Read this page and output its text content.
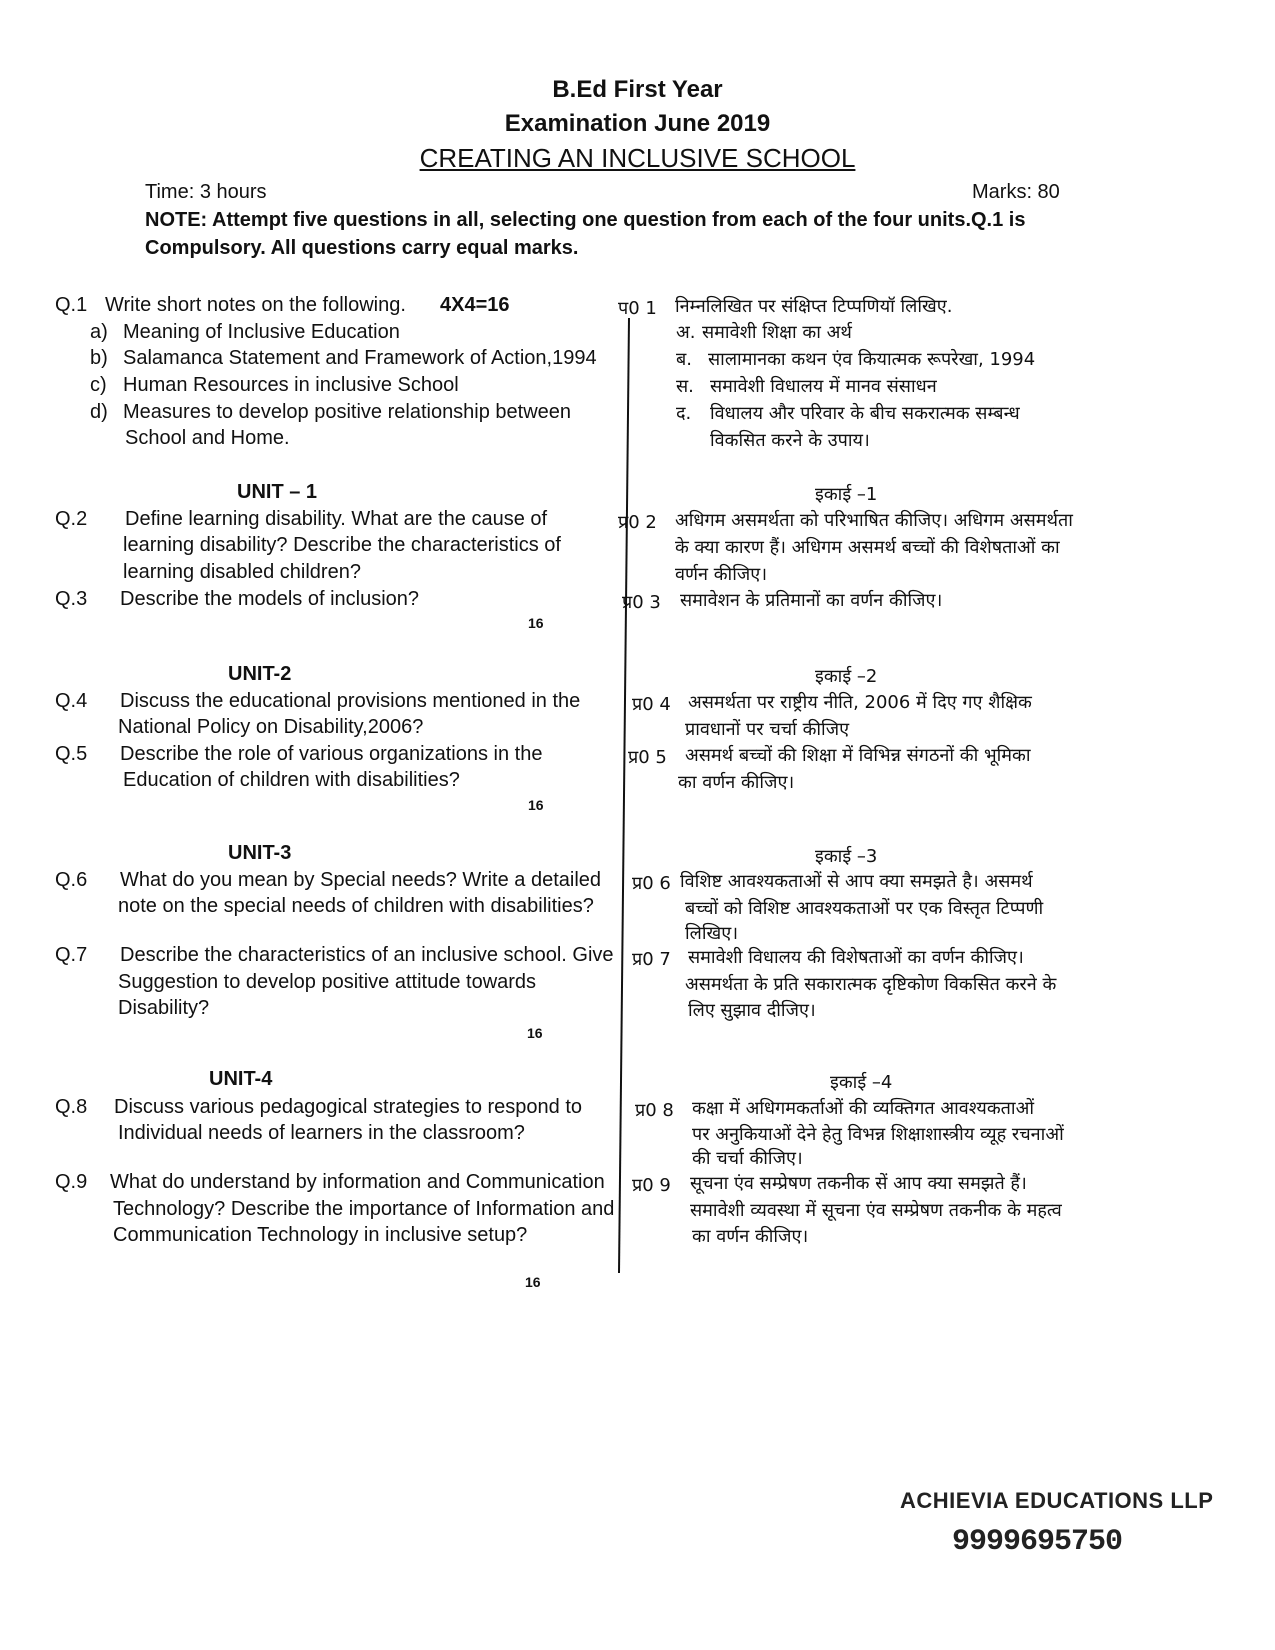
B.Ed First Year
Examination June 2019
CREATING AN INCLUSIVE SCHOOL
Time: 3 hours	Marks: 80
NOTE: Attempt five questions in all, selecting one question from each of the four units.Q.1 is
Compulsory. All questions carry equal marks.
Q.1 Write short notes on the following. 4X4=16
a) Meaning of Inclusive Education
b) Salamanca Statement and Framework of Action,1994
c) Human Resources in inclusive School
d) Measures to develop positive relationship between
School and Home.
प0 1 निम्नलिखित पर संक्षिप्त टिप्पणियॉ लिखिए.
अ. समावेशी शिक्षा का अर्थ
ब. सालामानका कथन एंव कियात्मक रूपरेखा, 1994
स. समावेशी विधालय में मानव संसाधन
द. विधालय और परिवार के बीच सकरात्मक सम्बन्ध
विकसित करने के उपाय।
UNIT – 1
Q.2 Define learning disability. What are the cause of
learning disability? Describe the characteristics of
learning disabled children?
Q.3 Describe the models of inclusion?
16
इकाई –1
प्र0 2 अधिगम असमर्थता को परिभाषित कीजिए। अधिगम असमर्थता
के क्या कारण हैं। अधिगम असमर्थ बच्चों की विशेषताओं का
वर्णन कीजिए।
प्र0 3 समावेशन के प्रतिमानों का वर्णन कीजिए।
UNIT-2
Q.4 Discuss the educational provisions mentioned in the
National Policy on Disability,2006?
Q.5 Describe the role of various organizations in the
Education of children with disabilities?
16
इकाई –2
प्र0 4 असमर्थता पर राष्ट्रीय नीति, 2006 में दिए गए शैक्षिक
प्रावधानों पर चर्चा कीजिए
प्र0 5 असमर्थ बच्चों की शिक्षा में विभिन्न संगठनों की भूमिका
का वर्णन कीजिए।
UNIT-3
Q.6 What do you mean by Special needs? Write a detailed
note on the special needs of children with disabilities?
Q.7 Describe the characteristics of an inclusive school. Give
Suggestion to develop positive attitude towards
Disability?
16
इकाई –3
प्र0 6 विशिष्ट आवश्यकताओं से आप क्या समझते है। असमर्थ
बच्चों को विशिष्ट आवश्यकताओं पर एक विस्तृत टिप्पणी
लिखिए।
प्र0 7 समावेशी विधालय की विशेषताओं का वर्णन कीजिए।
असमर्थता के प्रति सकारात्मक दृष्टिकोण विकसित करने के
लिए सुझाव दीजिए।
UNIT-4
Q.8 Discuss various pedagogical strategies to respond to
Individual needs of learners in the classroom?
Q.9 What do understand by information and Communication
Technology? Describe the importance of Information and
Communication Technology in inclusive setup?
16
इकाई –4
प्र0 8 कक्षा में अधिगमकर्ताओं की व्यक्तिगत आवश्यकताओं
पर अनुकियाओं देने हेतु विभन्न शिक्षाशास्त्रीय व्यूह रचनाओं
की चर्चा कीजिए।
प्र0 9 सूचना एंव सम्प्रेषण तकनीक सें आप क्या समझते हैं।
समावेशी व्यवस्था में सूचना एंव सम्प्रेषण तकनीक के महत्व
का वर्णन कीजिए।
ACHIEVIA EDUCATIONS LLP
9999695750
